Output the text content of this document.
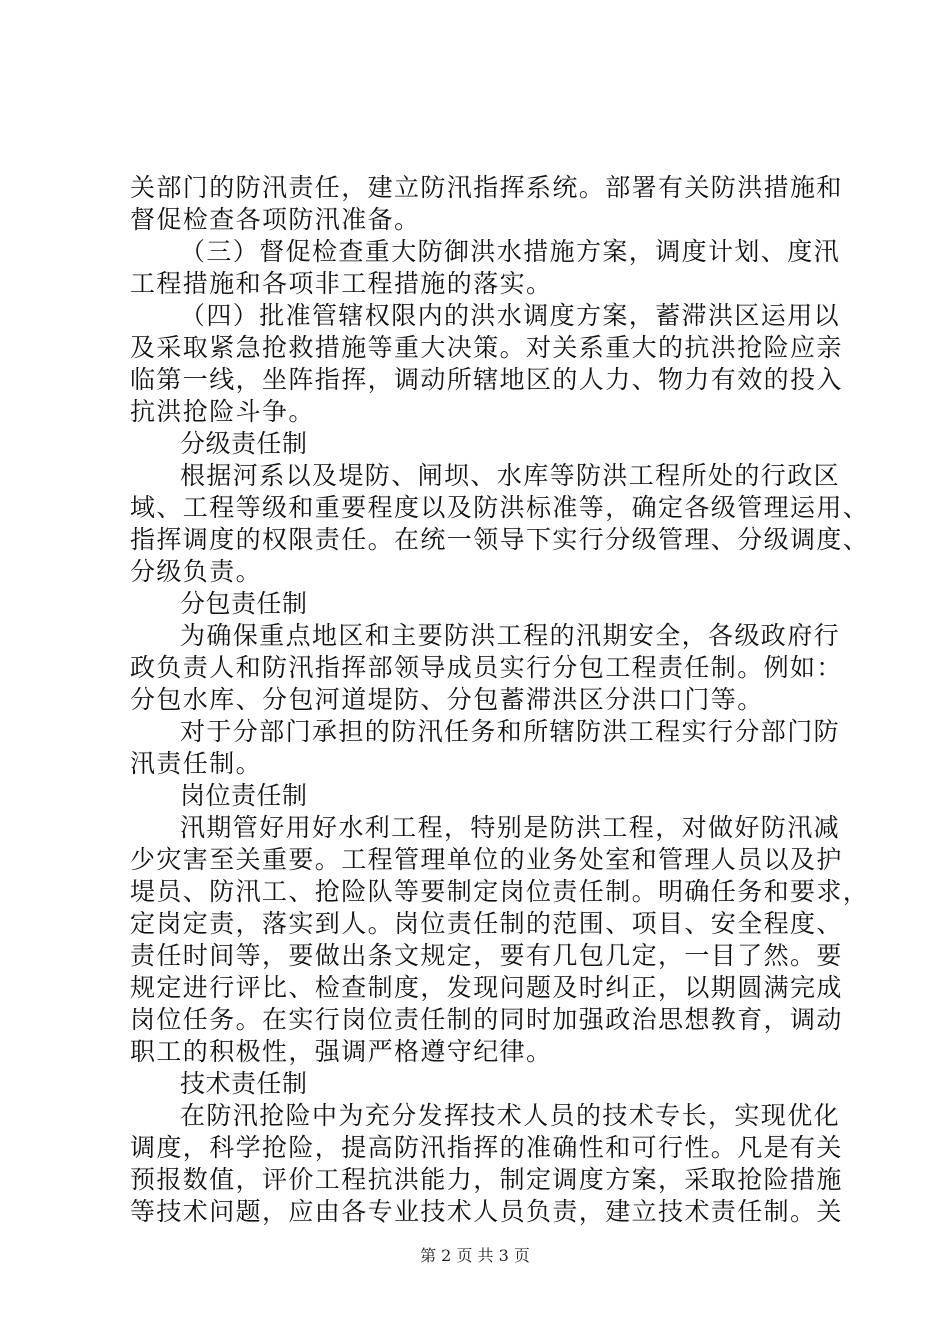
关部门的防汛责任，建立防汛指挥系统。部署有关防洪措施和
督促检查各项防汛准备。
（三）督促检查重大防御洪水措施方案，调度计划、度汛
工程措施和各项非工程措施的落实。
（四）批准管辖权限内的洪水调度方案，蓄滞洪区运用以
及采取紧急抢救措施等重大决策。对关系重大的抗洪抢险应亲
临第一线，坐阵指挥，调动所辖地区的人力、物力有效的投入
抗洪抢险斗争。
分级责任制
根据河系以及堤防、闸坝、水库等防洪工程所处的行政区
域、工程等级和重要程度以及防洪标准等，确定各级管理运用、
指挥调度的权限责任。在统一领导下实行分级管理、分级调度、
分级负责。
分包责任制
为确保重点地区和主要防洪工程的汛期安全，各级政府行
政负责人和防汛指挥部领导成员实行分包工程责任制。例如：
分包水库、分包河道堤防、分包蓄滞洪区分洪口门等。
对于分部门承担的防汛任务和所辖防洪工程实行分部门防
汛责任制。
岗位责任制
汛期管好用好水利工程，特别是防洪工程，对做好防汛减
少灾害至关重要。工程管理单位的业务处室和管理人员以及护
堤员、防汛工、抢险队等要制定岗位责任制。明确任务和要求，
定岗定责，落实到人。岗位责任制的范围、项目、安全程度、
责任时间等，要做出条文规定，要有几包几定，一目了然。要
规定进行评比、检查制度，发现问题及时纠正，以期圆满完成
岗位任务。在实行岗位责任制的同时加强政治思想教育，调动
职工的积极性，强调严格遵守纪律。
技术责任制
在防汛抢险中为充分发挥技术人员的技术专长，实现优化
调度，科学抢险，提高防汛指挥的准确性和可行性。凡是有关
预报数值，评价工程抗洪能力，制定调度方案，采取抢险措施
等技术问题，应由各专业技术人员负责，建立技术责任制。关
第 2 页 共 3 页
